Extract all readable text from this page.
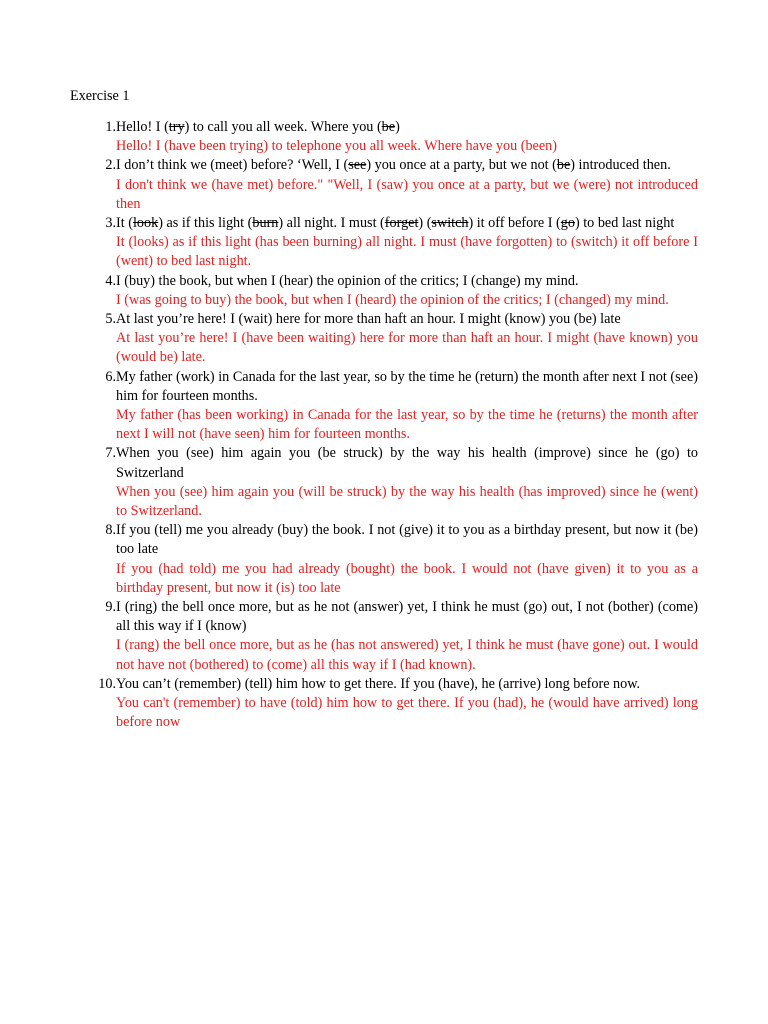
Exercise 1
1. Hello! I (try) to call you all week. Where you (be)
Hello! I (have been trying) to telephone you all week. Where have you (been)
2. I don’t think we (meet) before? ‘Well, I (see) you once at a party, but we not (be) introduced then.
I don't think we (have met) before." "Well, I (saw) you once at a party, but we (were) not introduced then
3. It (look) as if this light (burn) all night. I must (forget) (switch) it off before I (go) to bed last night
It (looks) as if this light (has been burning) all night. I must (have forgotten) to (switch) it off before I (went) to bed last night.
4. I (buy) the book, but when I (hear) the opinion of the critics; I (change) my mind.
I (was going to buy) the book, but when I (heard) the opinion of the critics; I (changed) my mind.
5. At last you’re here! I (wait) here for more than haft an hour. I might (know) you (be) late
At last you’re here! I (have been waiting) here for more than haft an hour. I might (have known) you (would be) late.
6. My father (work) in Canada for the last year, so by the time he (return) the month after next I not (see) him for fourteen months.
My father (has been working) in Canada for the last year, so by the time he (returns) the month after next I will not (have seen) him for fourteen months.
7. When you (see) him again you (be struck) by the way his health (improve) since he (go) to Switzerland
When you (see) him again you (will be struck) by the way his health (has improved) since he (went) to Switzerland.
8. If you (tell) me you already (buy) the book. I not (give) it to you as a birthday present, but now it (be) too late
If you (had told) me you had already (bought) the book. I would not (have given) it to you as a birthday present, but now it (is) too late
9. I (ring) the bell once more, but as he not (answer) yet, I think he must (go) out, I not (bother) (come) all this way if I (know)
I (rang) the bell once more, but as he (has not answered) yet, I think he must (have gone) out. I would not have not (bothered) to (come) all this way if I (had known).
10. You can’t (remember) (tell) him how to get there. If you (have), he (arrive) long before now.
You can't (remember) to have (told) him how to get there. If you (had), he (would have arrived) long before now
